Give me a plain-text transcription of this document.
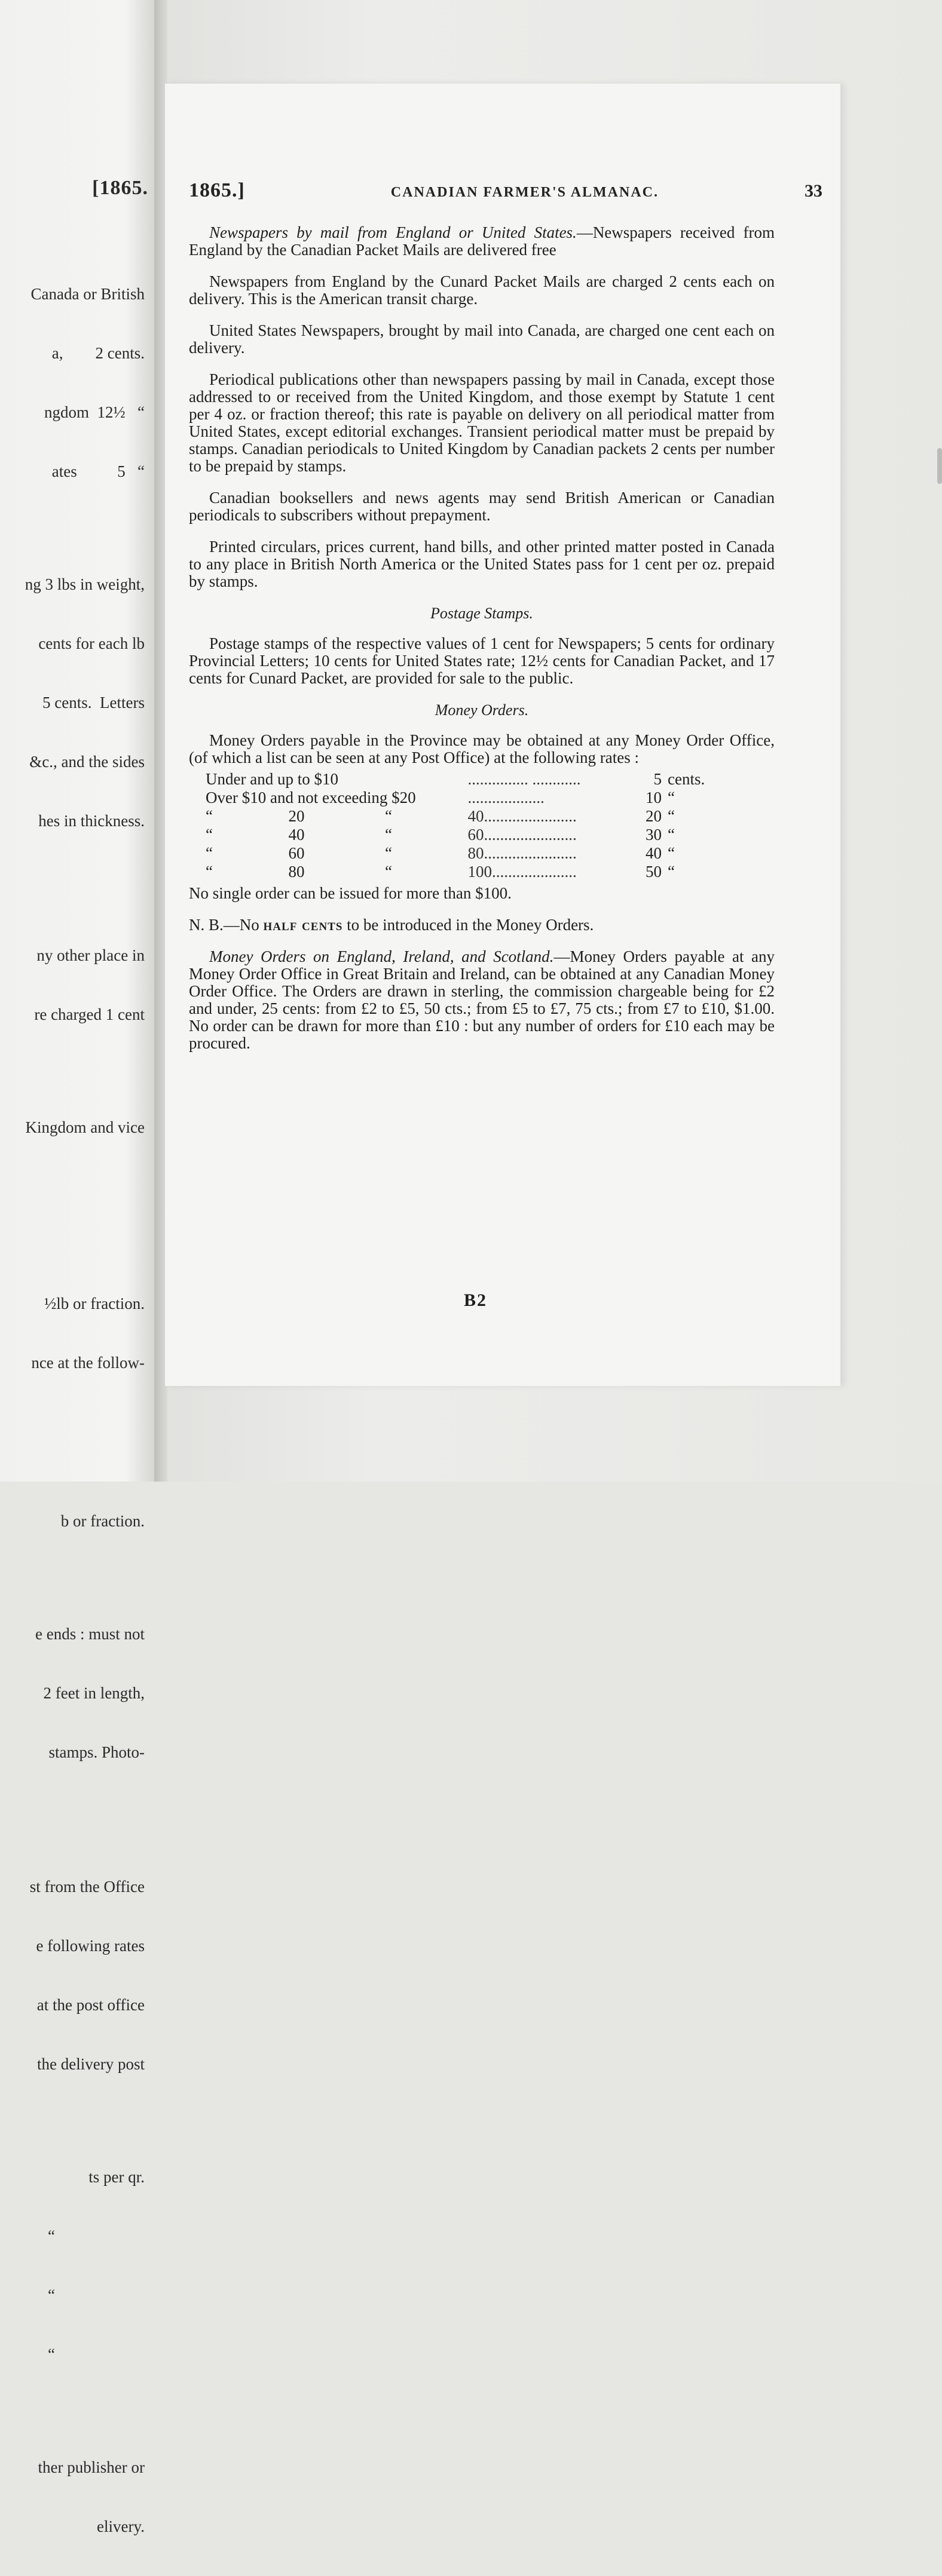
[1865.

Canada or British

a,        2 cents.

ngdom  12½   “

ates          5   “

ng 3 lbs in weight,

cents for each lb

5 cents.  Letters

&c., and the sides

hes in thickness.

ny other place in

re charged 1 cent

Kingdom and vice

½lb or fraction.

nce at the follow-

b or fraction.

e ends : must not

2 feet in length,

stamps. Photo-

st from the Office

e following rates

at the post office

the delivery post

ts per qr.

“

“

“

ther publisher or

elivery.

1865.]	CANADIAN FARMER'S ALMANAC.	33

Newspapers by mail from England or United States.—Newspapers received from England by the Canadian Packet Mails are delivered free

Newspapers from England by the Cunard Packet Mails are charged 2 cents each on delivery. This is the American transit charge.

United States Newspapers, brought by mail into Canada, are charged one cent each on delivery.

Periodical publications other than newspapers passing by mail in Canada, except those addressed to or received from the United Kingdom, and those exempt by Statute 1 cent per 4 oz. or fraction thereof; this rate is payable on delivery on all periodical matter from United States, except editorial exchanges. Transient periodical matter must be prepaid by stamps. Canadian periodicals to United Kingdom by Canadian packets 2 cents per number to be prepaid by stamps.

Canadian booksellers and news agents may send British American or Canadian periodicals to subscribers without prepayment.

Printed circulars, prices current, hand bills, and other printed matter posted in Canada to any place in British North America or the United States pass for 1 cent per oz. prepaid by stamps.

Postage Stamps.

Postage stamps of the respective values of 1 cent for Newspapers; 5 cents for ordinary Provincial Letters; 10 cents for United States rate; 12½ cents for Canadian Packet, and 17 cents for Cunard Packet, are provided for sale to the public.

Money Orders.

Money Orders payable in the Province may be obtained at any Money Order Office, (of which a list can be seen at any Post Office) at the following rates :

Under and up to $10			............... ............	5	cents.
Over $10 and not exceeding $20			...................	10	“
“	20	“	40.......................	20	“
“	40	“	60.......................	30	“
“	60	“	80.......................	40	“
“	80	“	100.....................	50	“

No single order can be issued for more than $100.

N. B.—No half cents to be introduced in the Money Orders.

Money Orders on England, Ireland, and Scotland.—Money Orders payable at any Money Order Office in Great Britain and Ireland, can be obtained at any Canadian Money Order Office. The Orders are drawn in sterling, the commission chargeable being for £2 and under, 25 cents: from £2 to £5, 50 cts.; from £5 to £7, 75 cts.; from £7 to £10, $1.00. No order can be drawn for more than £10 : but any number of orders for £10 each may be procured.

B2
